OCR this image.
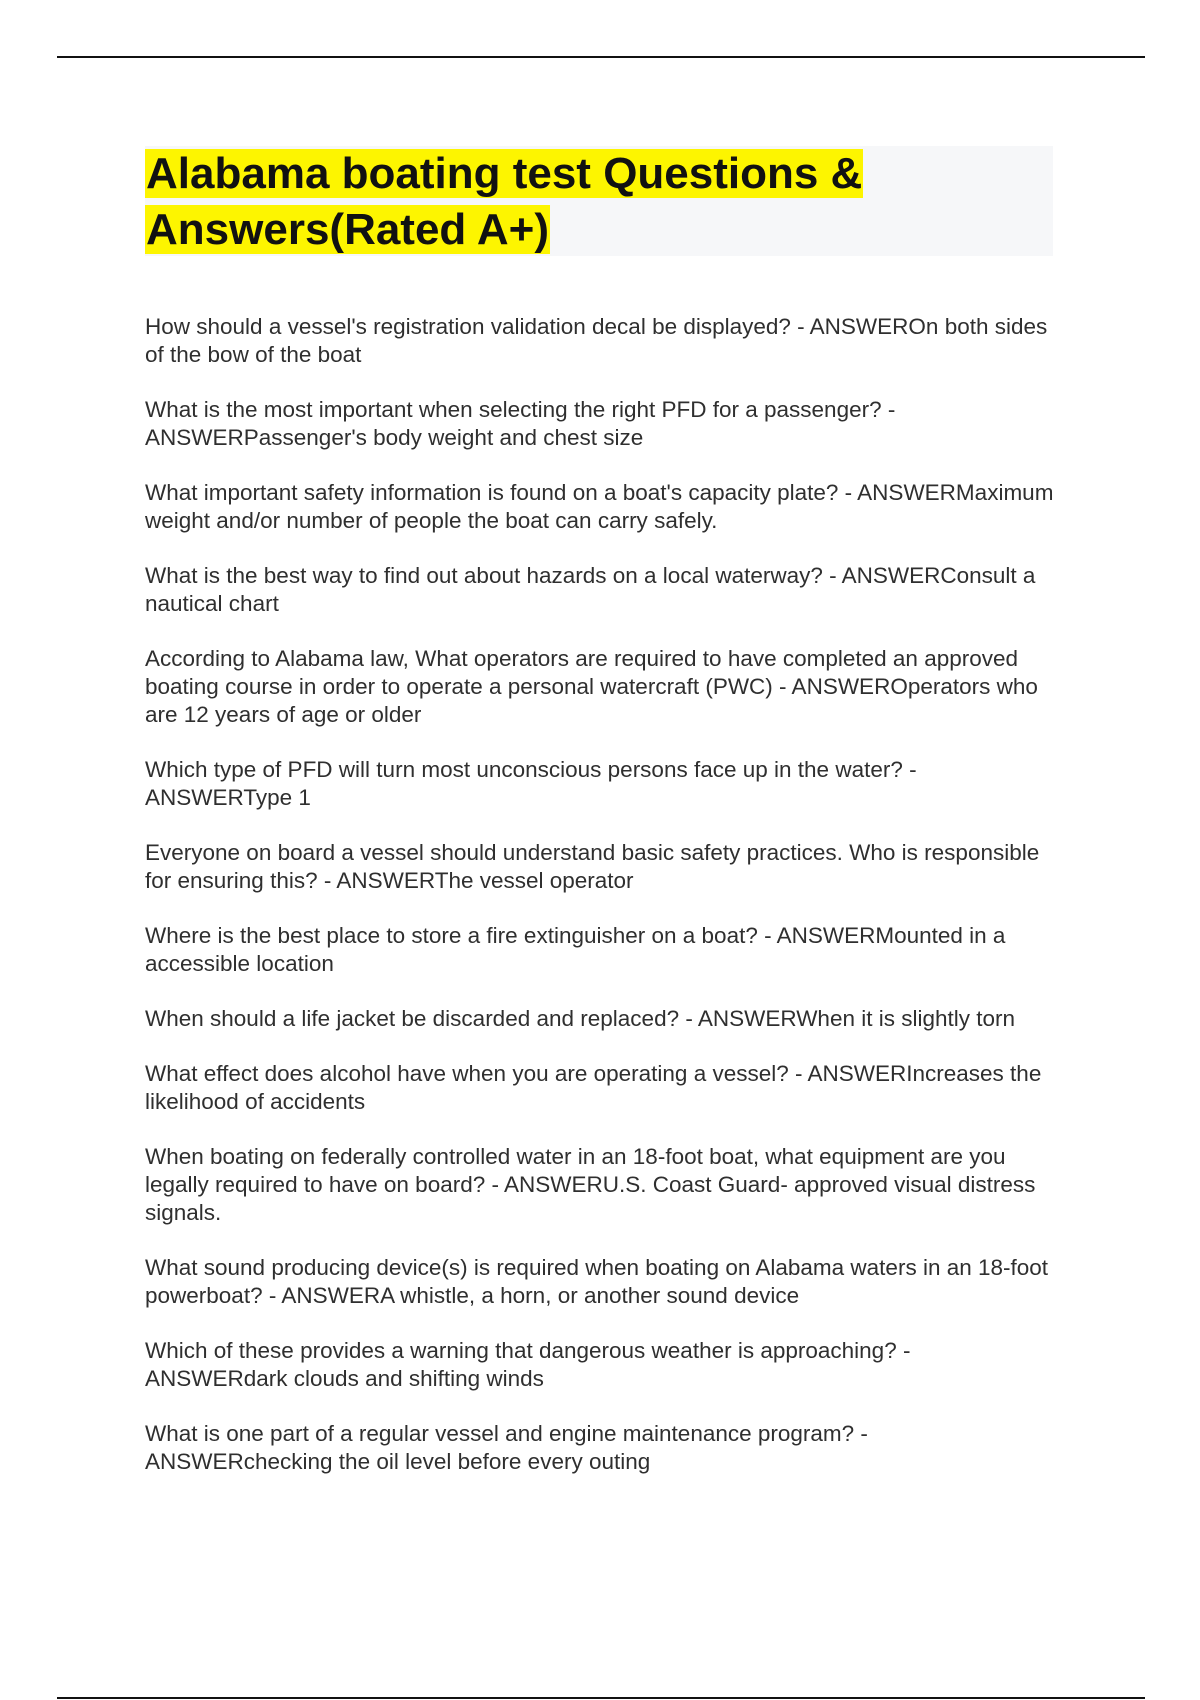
Alabama boating test Questions & Answers(Rated A+)

How should a vessel's registration validation decal be displayed? - ANSWEROn both sides of the bow of the boat

What is the most important when selecting the right PFD for a passenger? - ANSWERPassenger's body weight and chest size

What important safety information is found on a boat's capacity plate? - ANSWERMaximum weight and/or number of people the boat can carry safely.

What is the best way to find out about hazards on a local waterway? - ANSWERConsult a nautical chart

According to Alabama law, What operators are required to have completed an approved boating course in order to operate a personal watercraft (PWC) - ANSWEROperators who are 12 years of age or older

Which type of PFD will turn most unconscious persons face up in the water? - ANSWERType 1

Everyone on board a vessel should understand basic safety practices. Who is responsible for ensuring this? - ANSWERThe vessel operator

Where is the best place to store a fire extinguisher on a boat? - ANSWERMounted in a accessible location

When should a life jacket be discarded and replaced? - ANSWERWhen it is slightly torn

What effect does alcohol have when you are operating a vessel? - ANSWERIncreases the likelihood of accidents

When boating on federally controlled water in an 18-foot boat, what equipment are you legally required to have on board? - ANSWERU.S. Coast Guard- approved visual distress signals.

What sound producing device(s) is required when boating on Alabama waters in an 18-foot powerboat? - ANSWERA whistle, a horn, or another sound device

Which of these provides a warning that dangerous weather is approaching? - ANSWERdark clouds and shifting winds

What is one part of a regular vessel and engine maintenance program? - ANSWERchecking the oil level before every outing
